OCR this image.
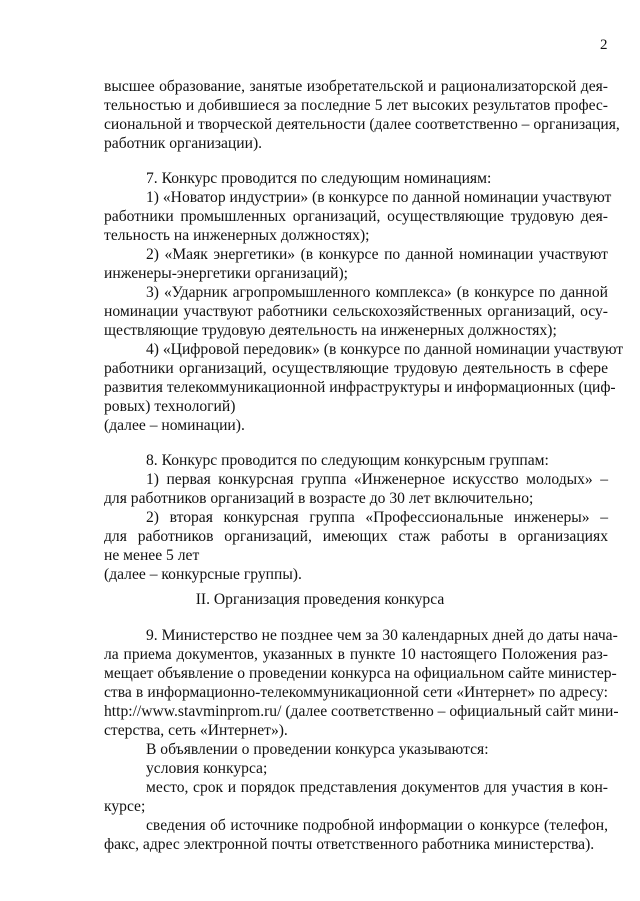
2
высшее образование, занятые изобретательской и рационализаторской дея-
тельностью и добившиеся за последние 5 лет высоких результатов профес-
сиональной и творческой деятельности (далее соответственно – организация,
работник организации).
7. Конкурс проводится по следующим номинациям:
1) «Новатор индустрии» (в конкурсе по данной номинации участвуют
работники промышленных организаций, осуществляющие трудовую дея-
тельность на инженерных должностях);
2) «Маяк энергетики» (в конкурсе по данной номинации участвуют
инженеры-энергетики организаций);
3) «Ударник агропромышленного комплекса» (в конкурсе по данной
номинации участвуют работники сельскохозяйственных организаций, осу-
ществляющие трудовую деятельность на инженерных должностях);
4) «Цифровой передовик» (в конкурсе по данной номинации участвуют
работники организаций, осуществляющие трудовую деятельность в сфере
развития телекоммуникационной инфраструктуры и информационных (циф-
ровых) технологий)
(далее – номинации).
8. Конкурс проводится по следующим конкурсным группам:
1) первая конкурсная группа «Инженерное искусство молодых» –
для работников организаций в возрасте до 30 лет включительно;
2) вторая конкурсная группа «Профессиональные инженеры» –
для работников организаций, имеющих стаж работы в организациях
не менее 5 лет
(далее – конкурсные группы).
II. Организация проведения конкурса
9. Министерство не позднее чем за 30 календарных дней до даты нача-
ла приема документов, указанных в пункте 10 настоящего Положения раз-
мещает объявление о проведении конкурса на официальном сайте министер-
ства в информационно-телекоммуникационной сети «Интернет» по адресу:
http://www.stavminprom.ru/ (далее соответственно – официальный сайт мини-
стерства, сеть «Интернет»).
В объявлении о проведении конкурса указываются:
условия конкурса;
место, срок и порядок представления документов для участия в кон-
курсе;
сведения об источнике подробной информации о конкурсе (телефон,
факс, адрес электронной почты ответственного работника министерства).
